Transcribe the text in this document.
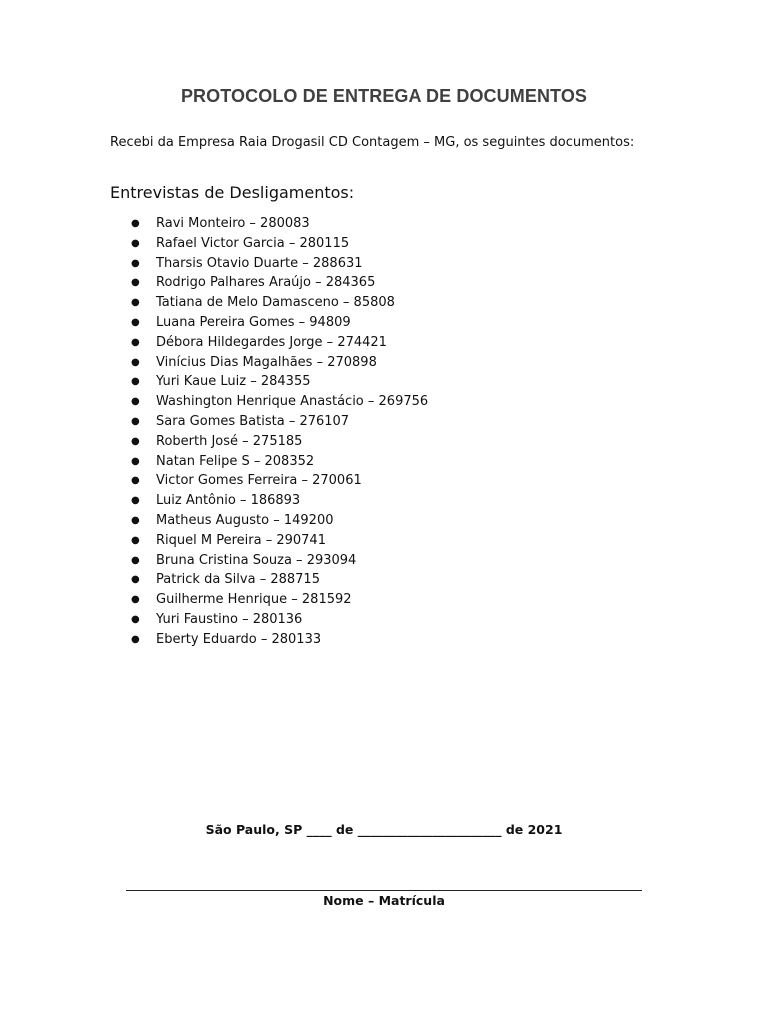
PROTOCOLO DE ENTREGA DE DOCUMENTOS
Recebi da Empresa Raia Drogasil CD Contagem – MG, os seguintes documentos:
Entrevistas de Desligamentos:
●	Ravi Monteiro – 280083
●	Rafael Victor Garcia – 280115
●	Tharsis Otavio Duarte – 288631
●	Rodrigo Palhares Araújo – 284365
●	Tatiana de Melo Damasceno – 85808
●	Luana Pereira Gomes – 94809
●	Débora Hildegardes Jorge – 274421
●	Vinícius Dias Magalhães – 270898
●	Yuri Kaue Luiz – 284355
●	Washington Henrique Anastácio – 269756
●	Sara Gomes Batista – 276107
●	Roberth José – 275185
●	Natan Felipe S – 208352
●	Victor Gomes Ferreira – 270061
●	Luiz Antônio – 186893
●	Matheus Augusto – 149200
●	Riquel M Pereira – 290741
●	Bruna Cristina Souza – 293094
●	Patrick da Silva – 288715
●	Guilherme Henrique – 281592
●	Yuri Faustino – 280136
●	Eberty Eduardo – 280133
São Paulo, SP ____ de _______________________ de 2021
Nome – Matrícula
